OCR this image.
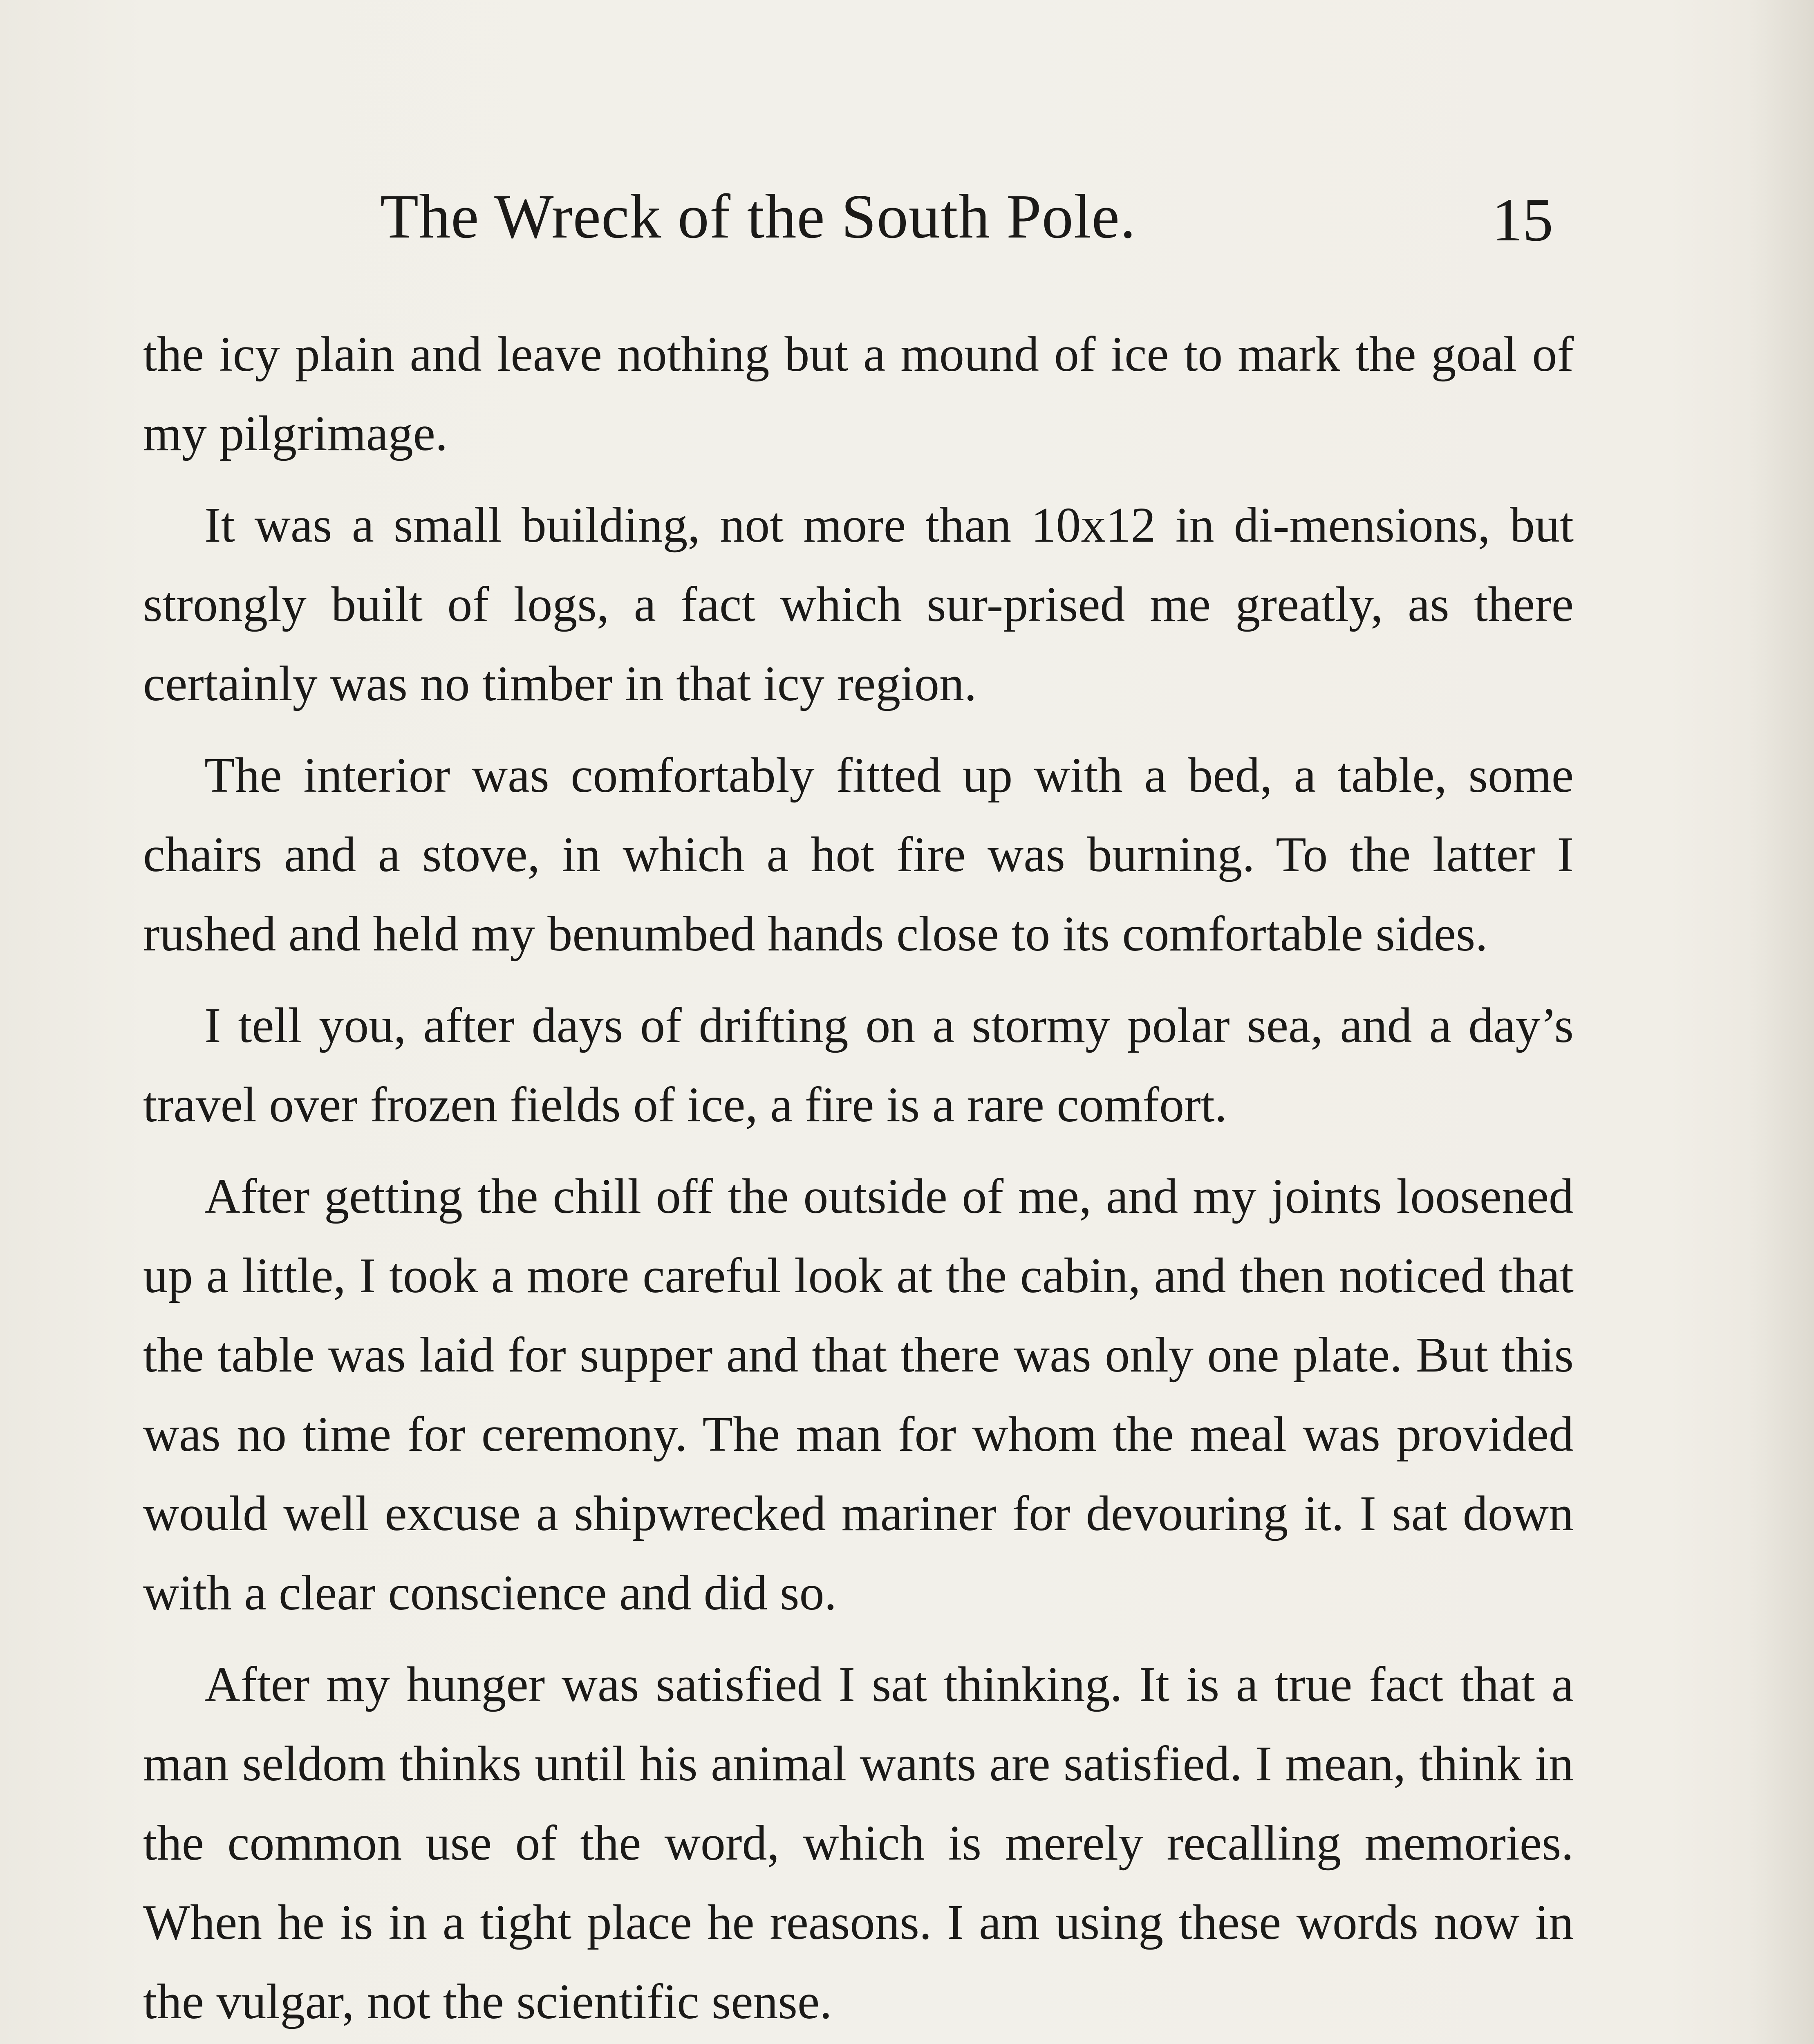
The Wreck of the South Pole.	15

the icy plain and leave nothing but a mound of ice to mark the goal of my pilgrimage.

It was a small building, not more than 10x12 in di-mensions, but strongly built of logs, a fact which sur-prised me greatly, as there certainly was no timber in that icy region.

The interior was comfortably fitted up with a bed, a table, some chairs and a stove, in which a hot fire was burning. To the latter I rushed and held my benumbed hands close to its comfortable sides.

I tell you, after days of drifting on a stormy polar sea, and a day’s travel over frozen fields of ice, a fire is a rare comfort.

After getting the chill off the outside of me, and my joints loosened up a little, I took a more careful look at the cabin, and then noticed that the table was laid for supper and that there was only one plate. But this was no time for ceremony. The man for whom the meal was provided would well excuse a shipwrecked mariner for devouring it. I sat down with a clear conscience and did so.

After my hunger was satisfied I sat thinking. It is a true fact that a man seldom thinks until his animal wants are satisfied. I mean, think in the common use of the word, which is merely recalling memories. When he is in a tight place he reasons. I am using these words now in the vulgar, not the scientific sense.
